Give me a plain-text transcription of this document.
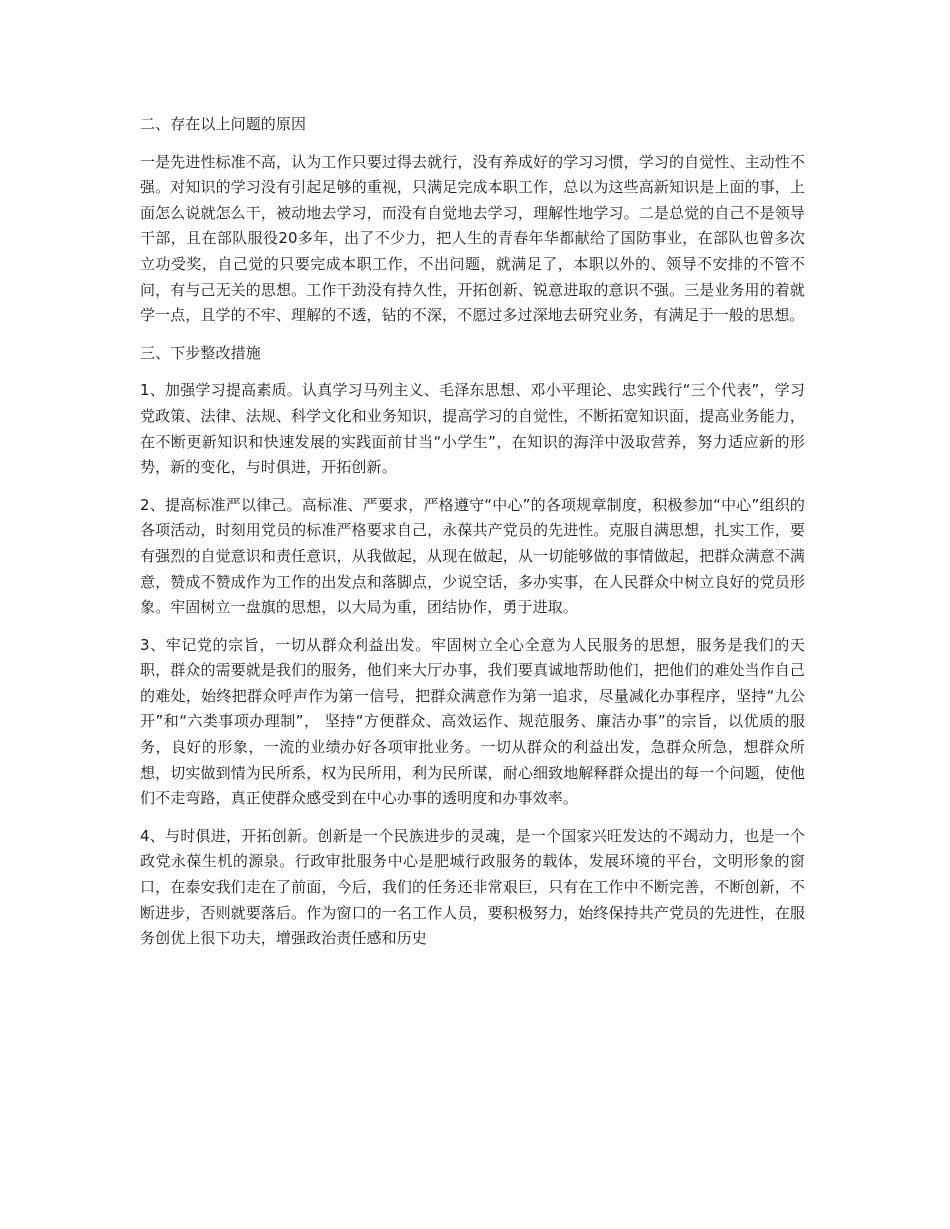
二、存在以上问题的原因

一是先进性标准不高，认为工作只要过得去就行，没有养成好的学习习惯，学习的自觉性、主动性不强。对知识的学习没有引起足够的重视，只满足完成本职工作，总以为这些高新知识是上面的事，上面怎么说就怎么干，被动地去学习，而没有自觉地去学习，理解性地学习。二是总觉的自己不是领导干部，且在部队服役20多年，出了不少力，把人生的青春年华都献给了国防事业，在部队也曾多次立功受奖，自己觉的只要完成本职工作，不出问题，就满足了，本职以外的、领导不安排的不管不问，有与己无关的思想。工作干劲没有持久性，开拓创新、锐意进取的意识不强。三是业务用的着就学一点，且学的不牢、理解的不透，钻的不深，不愿过多过深地去研究业务，有满足于一般的思想。

三、下步整改措施

1、加强学习提高素质。认真学习马列主义、毛泽东思想、邓小平理论、忠实践行“三个代表”，学习党政策、法律、法规、科学文化和业务知识，提高学习的自觉性，不断拓宽知识面，提高业务能力，在不断更新知识和快速发展的实践面前甘当“小学生”，在知识的海洋中汲取营养，努力适应新的形势，新的变化，与时俱进，开拓创新。

2、提高标准严以律己。高标准、严要求，严格遵守“中心”的各项规章制度，积极参加“中心”组织的各项活动，时刻用党员的标准严格要求自己，永葆共产党员的先进性。克服自满思想，扎实工作，要有强烈的自觉意识和责任意识，从我做起，从现在做起，从一切能够做的事情做起，把群众满意不满意，赞成不赞成作为工作的出发点和落脚点，少说空话，多办实事，在人民群众中树立良好的党员形象。牢固树立一盘旗的思想，以大局为重，团结协作，勇于进取。

3、牢记党的宗旨，一切从群众利益出发。牢固树立全心全意为人民服务的思想，服务是我们的天职，群众的需要就是我们的服务，他们来大厅办事，我们要真诚地帮助他们，把他们的难处当作自己的难处，始终把群众呼声作为第一信号，把群众满意作为第一追求，尽量减化办事程序，坚持“九公开”和“六类事项办理制”， 坚持“方便群众、高效运作、规范服务、廉洁办事”的宗旨，以优质的服务，良好的形象，一流的业绩办好各项审批业务。一切从群众的利益出发，急群众所急，想群众所想，切实做到情为民所系，权为民所用，利为民所谋，耐心细致地解释群众提出的每一个问题，使他们不走弯路，真正使群众感受到在中心办事的透明度和办事效率。

4、与时俱进，开拓创新。创新是一个民族进步的灵魂，是一个国家兴旺发达的不竭动力，也是一个政党永葆生机的源泉。行政审批服务中心是肥城行政服务的载体，发展环境的平台，文明形象的窗口，在泰安我们走在了前面，今后，我们的任务还非常艰巨，只有在工作中不断完善，不断创新，不断进步，否则就要落后。作为窗口的一名工作人员，要积极努力，始终保持共产党员的先进性，在服务创优上很下功夫，增强政治责任感和历史
